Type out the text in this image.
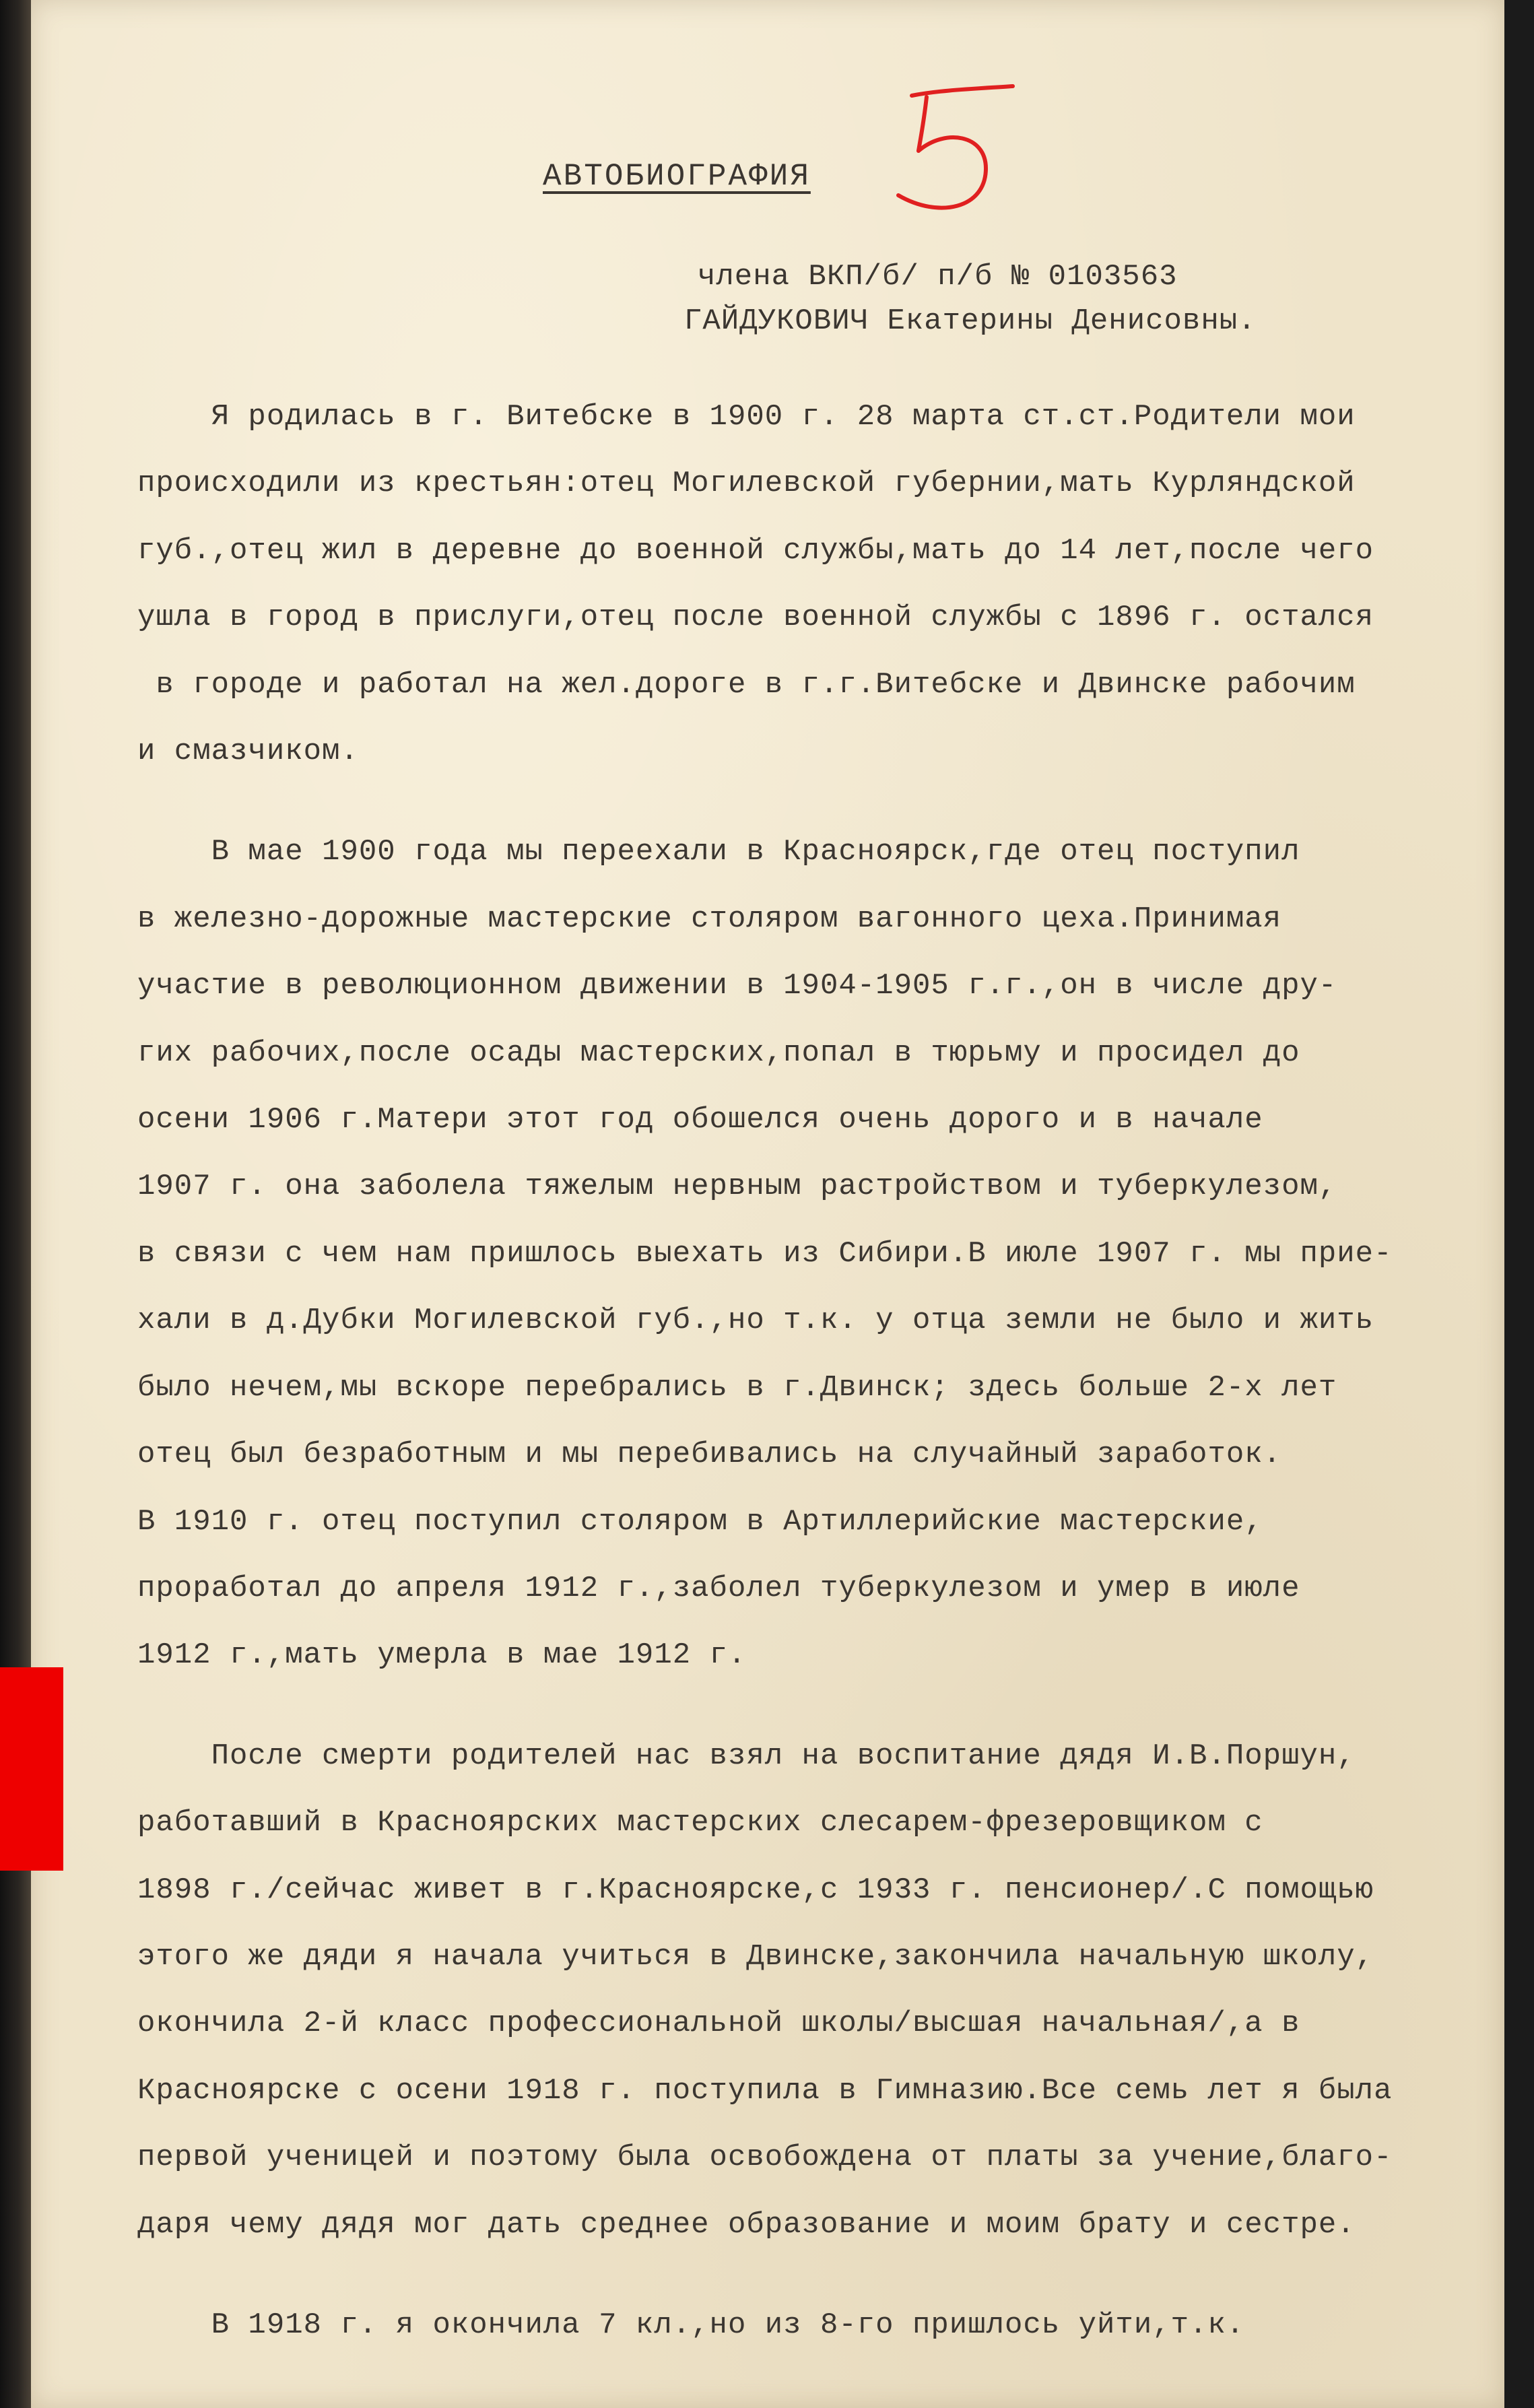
АВТОБИОГРАФИЯ
5
члена ВКП/б/ п/б № 0103563
ГАЙДУКОВИЧ Екатерины Денисовны.
Я родилась в г. Витебске в 1900 г. 28 марта ст.ст.Родители мои
происходили из крестьян:отец Могилевской губернии,мать Курляндской
губ.,отец жил в деревне до военной службы,мать до 14 лет,после чего
ушла в город в прислуги,отец после военной службы с 1896 г. остался
в городе и работал на жел.дороге в г.г.Витебске и Двинске рабочим
и смазчиком.
В мае 1900 года мы переехали в Красноярск,где отец поступил
в железно-дорожные мастерские столяром вагонного цеха.Принимая
участие в революционном движении в 1904-1905 г.г.,он в числе дру-
гих рабочих,после осады мастерских,попал в тюрьму и просидел до
осени 1906 г.Матери этот год обошелся очень дорого и в начале
1907 г. она заболела тяжелым нервным растройством и туберкулезом,
в связи с чем нам пришлось выехать из Сибири.В июле 1907 г. мы прие-
хали в д.Дубки Могилевской губ.,но т.к. у отца земли не было и жить
было нечем,мы вскоре перебрались в г.Двинск; здесь больше 2-х лет
отец был безработным и мы перебивались на случайный заработок.
В 1910 г. отец поступил столяром в Артиллерийские мастерские,
проработал до апреля 1912 г.,заболел туберкулезом и умер в июле
1912 г.,мать умерла в мае 1912 г.
После смерти родителей нас взял на воспитание дядя И.В.Поршун,
работавший в Красноярских мастерских слесарем-фрезеровщиком с
1898 г./сейчас живет в г.Красноярске,с 1933 г. пенсионер/.С помощью
этого же дяди я начала учиться в Двинске,закончила начальную школу,
окончила 2-й класс профессиональной школы/высшая начальная/,а в
Красноярске с осени 1918 г. поступила в Гимназию.Все семь лет я была
первой ученицей и поэтому была освобождена от платы за учение,благо-
даря чему дядя мог дать среднее образование и моим брату и сестре.
В 1918 г. я окончила 7 кл.,но из 8-го пришлось уйти,т.к.
